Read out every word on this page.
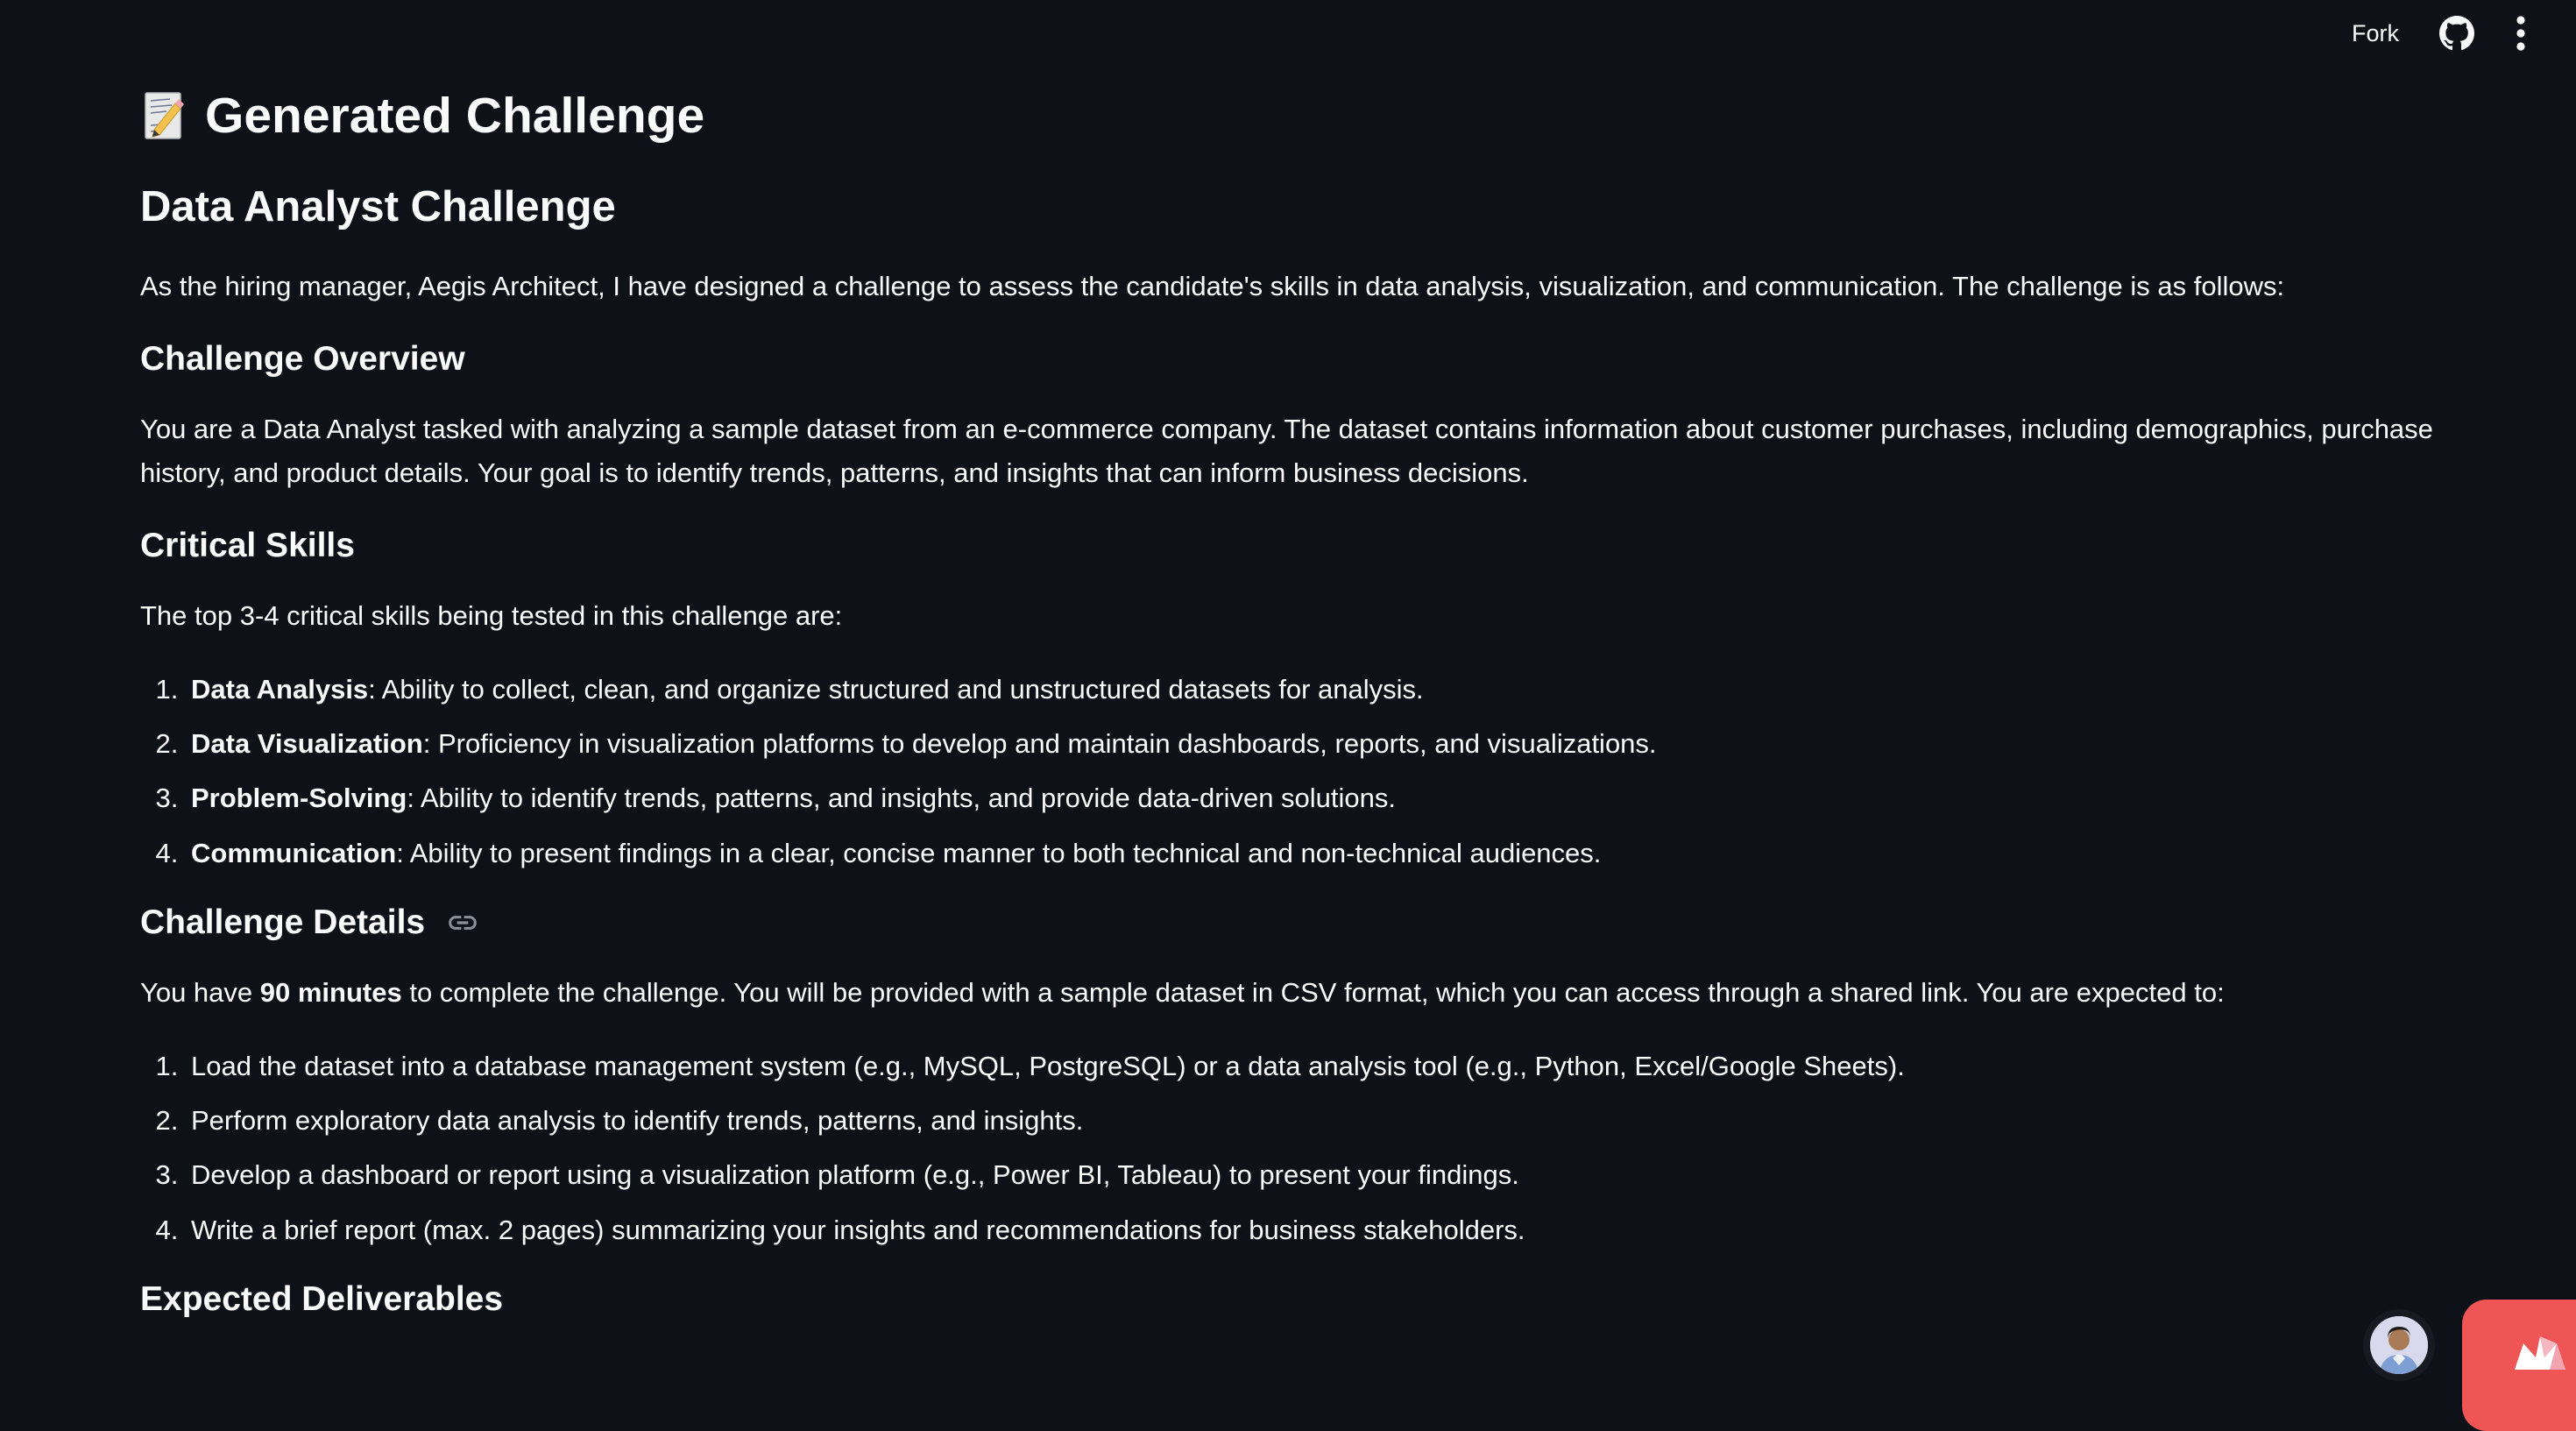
Fork
Generated Challenge
Data Analyst Challenge

As the hiring manager, Aegis Architect, I have designed a challenge to assess the candidate's skills in data analysis, visualization, and communication. The challenge is as follows:

Challenge Overview

You are a Data Analyst tasked with analyzing a sample dataset from an e-commerce company. The dataset contains information about customer purchases, including demographics, purchase history, and product details. Your goal is to identify trends, patterns, and insights that can inform business decisions.

Critical Skills

The top 3-4 critical skills being tested in this challenge are:

1. Data Analysis: Ability to collect, clean, and organize structured and unstructured datasets for analysis.
2. Data Visualization: Proficiency in visualization platforms to develop and maintain dashboards, reports, and visualizations.
3. Problem-Solving: Ability to identify trends, patterns, and insights, and provide data-driven solutions.
4. Communication: Ability to present findings in a clear, concise manner to both technical and non-technical audiences.
Challenge Details

You have 90 minutes to complete the challenge. You will be provided with a sample dataset in CSV format, which you can access through a shared link. You are expected to:

1. Load the dataset into a database management system (e.g., MySQL, PostgreSQL) or a data analysis tool (e.g., Python, Excel/Google Sheets).
2. Perform exploratory data analysis to identify trends, patterns, and insights.
3. Develop a dashboard or report using a visualization platform (e.g., Power BI, Tableau) to present your findings.
4. Write a brief report (max. 2 pages) summarizing your insights and recommendations for business stakeholders.
Expected Deliverables
